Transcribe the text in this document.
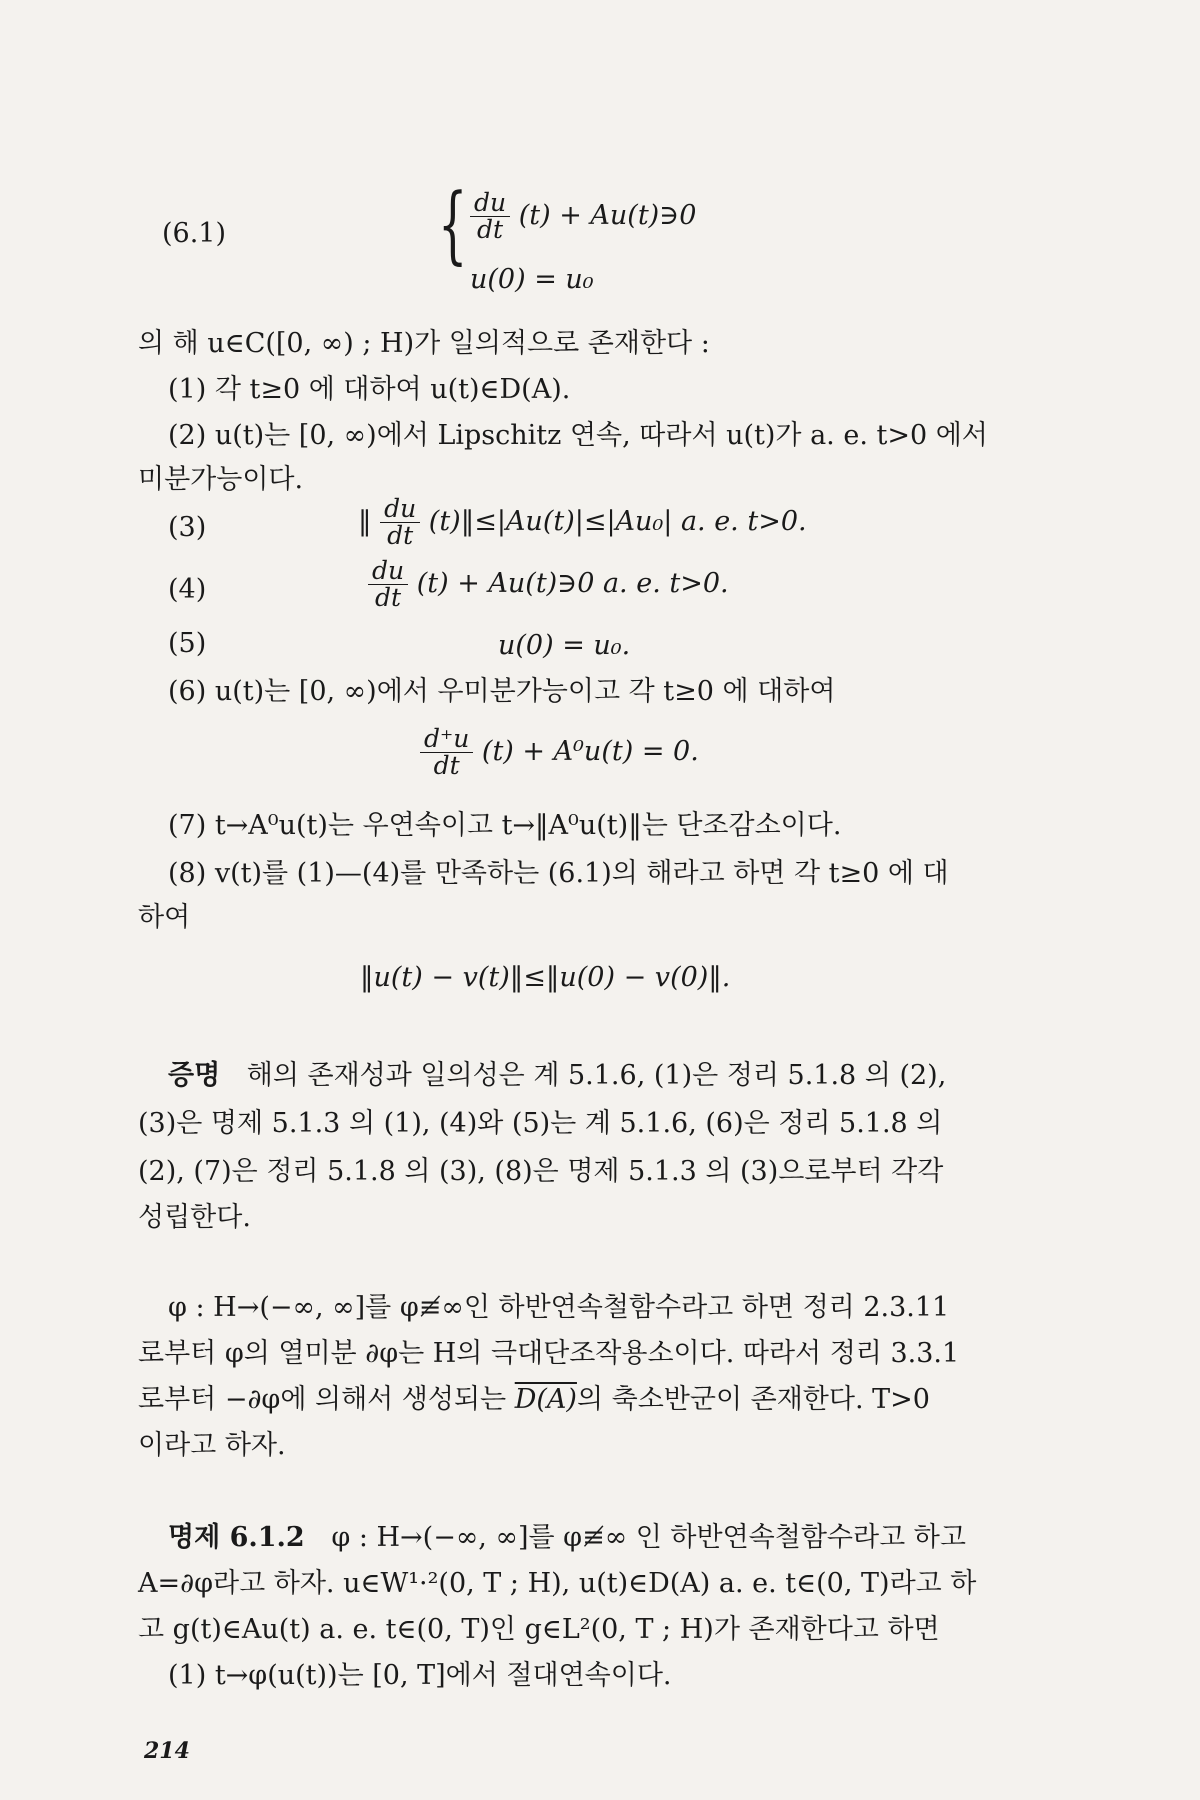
(6.1)	{ $\frac{du}{dt} (t)$ + Au(t)∋0
u(0) = u₀
의 해 u∈C([0, ∞) ; H)가 일의적으로 존재한다 :
(1) 각 t≥0 에 대하여 u(t)∈D(A).
(2) u(t)는 [0, ∞)에서 Lipschitz 연속, 따라서 u(t)가 a. e. t>0 에서
미분가능이다.
(3)	‖ $\frac{du}{dt}$ (t)‖≤|Au(t)|≤|Au₀| a. e. t>0.
(4)	$\frac{du}{dt} (t)$ + Au(t)∋0 a. e. t>0.
(5)	u(0) = u₀.
(6) u(t)는 [0, ∞)에서 우미분가능이고 각 t≥0 에 대하여
$\frac{d^+u}{dt} (t) + A^0u(t) = 0$.
(7) t→A⁰u(t)는 우연속이고 t→‖A⁰u(t)‖는 단조감소이다.
(8) v(t)를 (1)—(4)를 만족하는 (6.1)의 해라고 하면 각 t≥0 에 대
하여
‖u(t) − v(t)‖≤‖u(0) − v(0)‖.
증명 해의 존재성과 일의성은 계 5.1.6, (1)은 정리 5.1.8 의 (2),
(3)은 명제 5.1.3 의 (1), (4)와 (5)는 계 5.1.6, (6)은 정리 5.1.8 의
(2), (7)은 정리 5.1.8 의 (3), (8)은 명제 5.1.3 의 (3)으로부터 각각
성립한다.
φ : H→(−∞, ∞]를 φ≢∞인 하반연속철함수라고 하면 정리 2.3.11
로부터 φ의 열미분 ∂φ는 H의 극대단조작용소이다. 따라서 정리 3.3.1
로부터 −∂φ에 의해서 생성되는 D(A)의 축소반군이 존재한다. T>0
이라고 하자.
명제 6.1.2 φ : H→(−∞, ∞]를 φ≢∞ 인 하반연속철함수라고 하고
A=∂φ라고 하자. u∈W¹·²(0, T ; H), u(t)∈D(A) a. e. t∈(0, T)라고 하
고 g(t)∈Au(t) a. e. t∈(0, T)인 g∈L²(0, T ; H)가 존재한다고 하면
(1) t→φ(u(t))는 [0, T]에서 절대연속이다.
214
